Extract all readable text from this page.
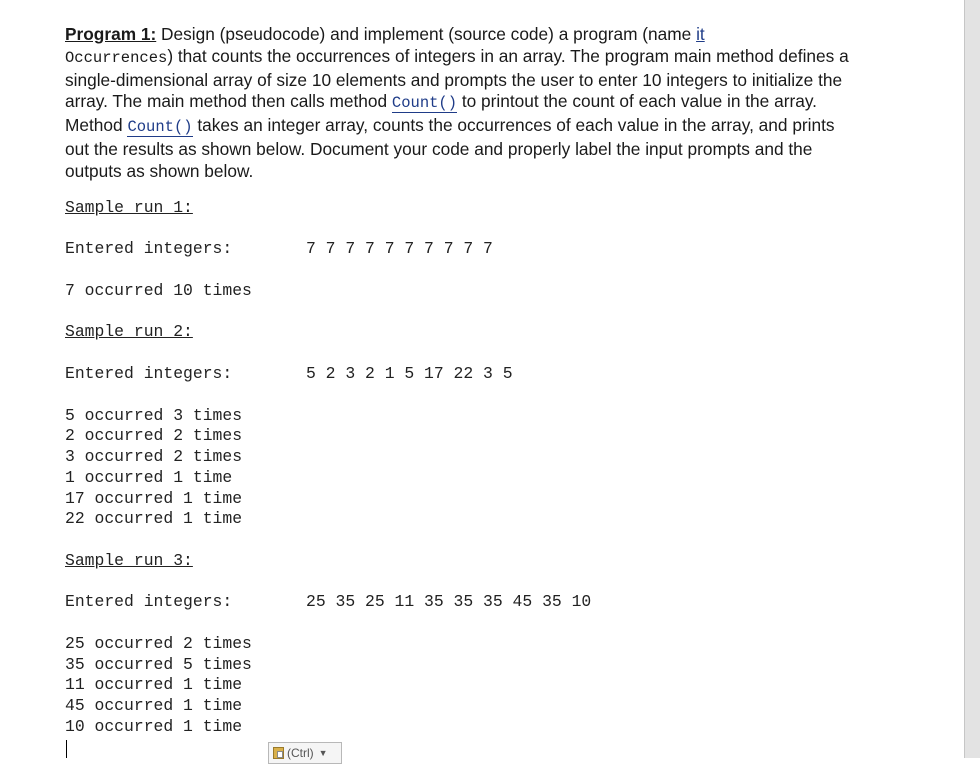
Program 1: Design (pseudocode) and implement (source code) a program (name it
Occurrences) that counts the occurrences of integers in an array. The program main method defines a single-dimensional array of size 10 elements and prompts the user to enter 10 integers to initialize the array. The main method then calls method Count() to printout the count of each value in the array. Method Count() takes an integer array, counts the occurrences of each value in the array, and prints out the results as shown below. Document your code and properly label the input prompts and the outputs as shown below.
Sample run 1:
Entered integers:	7 7 7 7 7 7 7 7 7 7
7 occurred 10 times
Sample run 2:
Entered integers:	5 2 3 2 1 5 17 22 3 5
5 occurred 3 times
2 occurred 2 times
3 occurred 2 times
1 occurred 1 time
17 occurred 1 time
22 occurred 1 time
Sample run 3:
Entered integers:	25 35 25 11 35 35 35 45 35 10
25 occurred 2 times
35 occurred 5 times
11 occurred 1 time
45 occurred 1 time
10 occurred 1 time
(Ctrl) ▼
